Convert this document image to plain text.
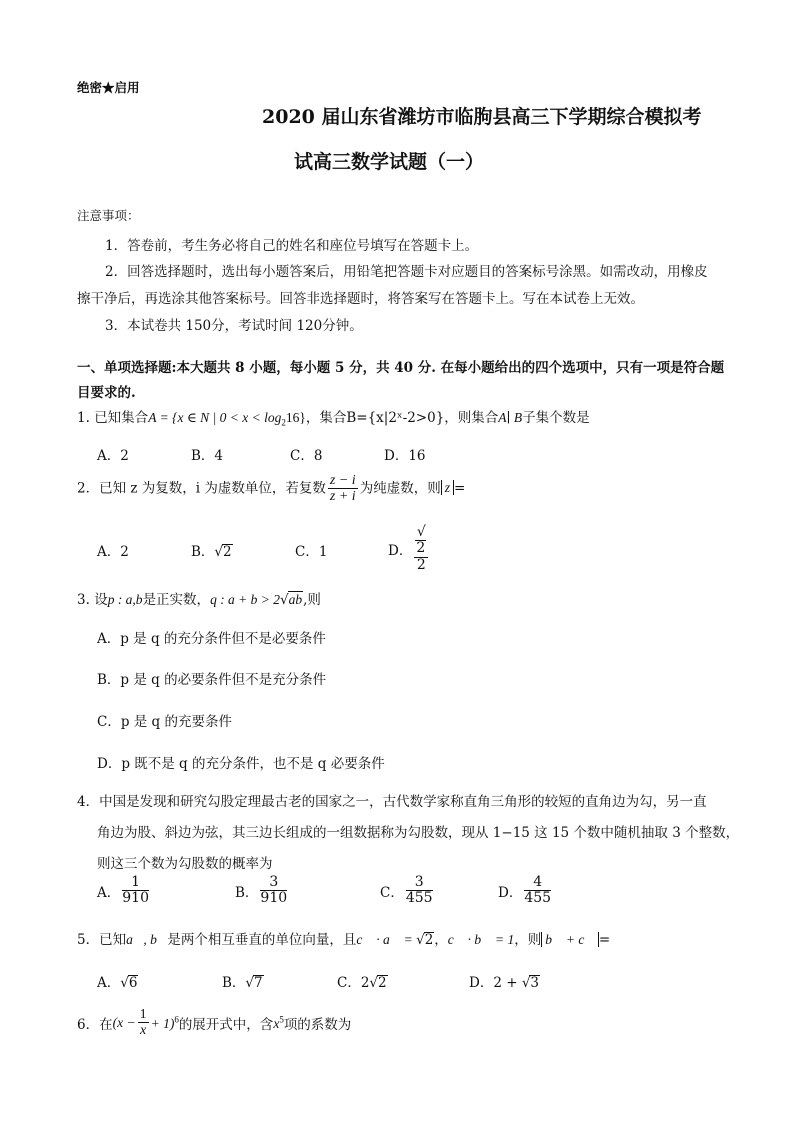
绝密★启用
2020 届山东省潍坊市临朐县高三下学期综合模拟考
试高三数学试题（一）
注意事项：
1．答卷前，考生务必将自己的姓名和座位号填写在答题卡上。
2．回答选择题时，选出每小题答案后，用铅笔把答题卡对应题目的答案标号涂黑。如需改动，用橡皮
擦干净后，再选涂其他答案标号。回答非选择题时，将答案写在答题卡上。写在本试卷上无效。
3．本试卷共 150分，考试时间 120分钟。
一、单项选择题:本大题共 8 小题，每小题 5 分，共 40 分. 在每小题给出的四个选项中，只有一项是符合题
目要求的.
1. 已知集合A = {x ∈ N | $0 < x < \log_216$}，集合B={x|2ˣ-2>0}，则集合A∣ B子集个数是
A．2	B．4	C．8	D．16
2．已知 z 为复数，i 为虚数单位，若复数 $\frac{z - i}{z + i}$ 为纯虚数，则 z =
A．2	B．√2	C．1	D． √
2
2
3. 设p : a,b是正实数，q : a + b > 2√ab,则
A．p 是 q 的充分条件但不是必要条件
B．p 是 q 的必要条件但不是充分条件
C．p 是 q 的充要条件
D．p 既不是 q 的充分条件，也不是 q 必要条件
4．中国是发现和研究勾股定理最古老的国家之一，古代数学家称直角三角形的较短的直角边为勾，另一直
角边为股、斜边为弦，其三边长组成的一组数据称为勾股数，现从 1−15 这 15 个数中随机抽取 3 个整数，
则这三个数为勾股数的概率为
A． $\frac{1}{910}$	B． $\frac{3}{910}$	C． $\frac{3}{455}$	D． $\frac{4}{455}$
5．已知a⃗, b⃗是两个相互垂直的单位向量，且c⃗ · a⃗ = √2，c⃗ · b⃗ = 1，则 b⃗ + c⃗ =
A．√6	B．√7	C．2√2	D．2 + √3
6．在$(x - \frac{1}{x} + 1)^6$的展开式中，含$x^5$项的系数为
